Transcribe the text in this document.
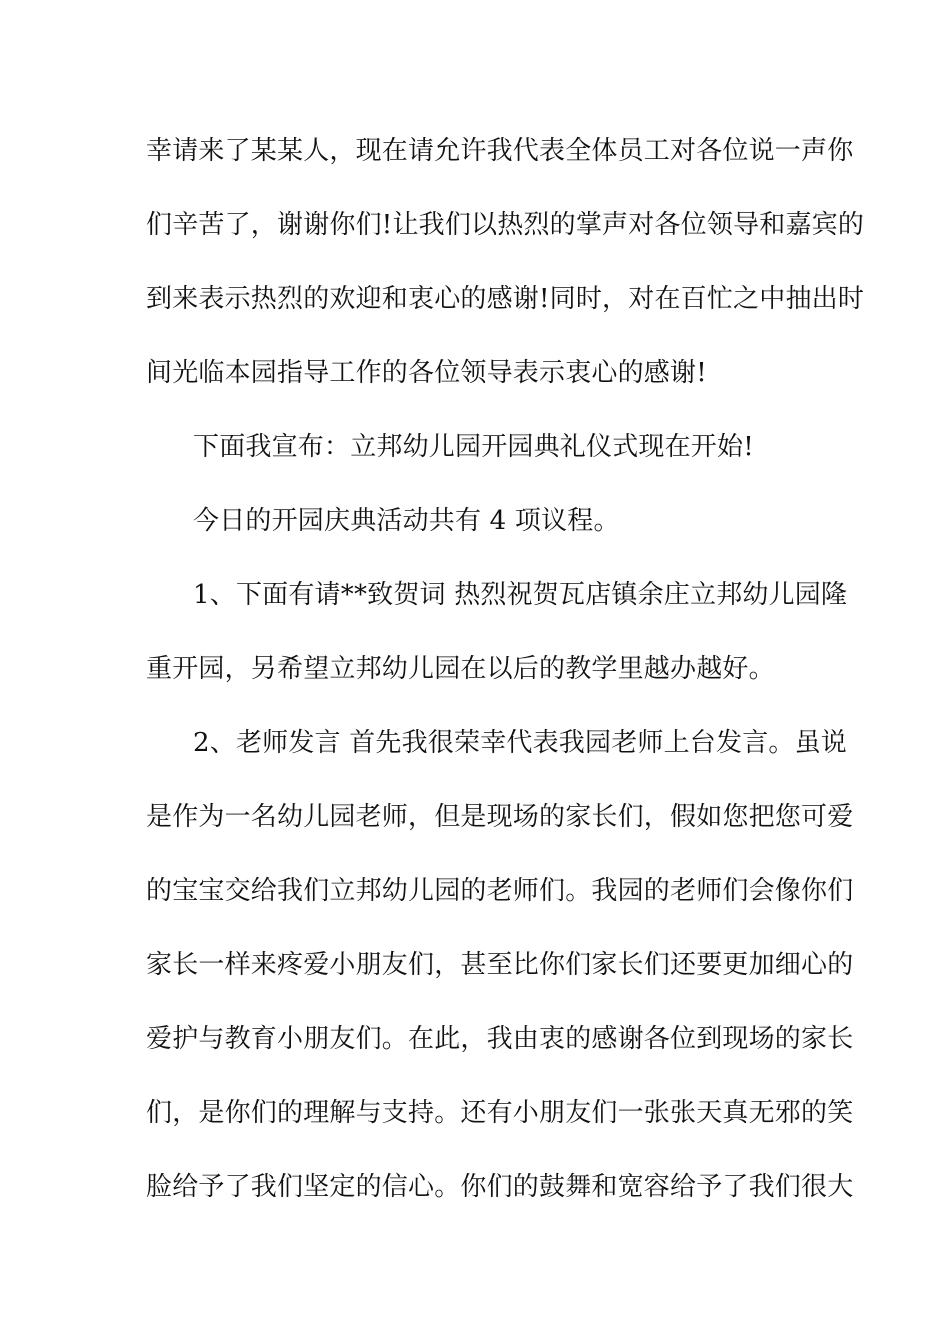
幸请来了某某人，现在请允许我代表全体员工对各位说一声你
们辛苦了，谢谢你们!让我们以热烈的掌声对各位领导和嘉宾的
到来表示热烈的欢迎和衷心的感谢!同时，对在百忙之中抽出时
间光临本园指导工作的各位领导表示衷心的感谢!
下面我宣布：立邦幼儿园开园典礼仪式现在开始!
今日的开园庆典活动共有 4 项议程。
1、下面有请**致贺词 热烈祝贺瓦店镇余庄立邦幼儿园隆
重开园，另希望立邦幼儿园在以后的教学里越办越好。
2、老师发言 首先我很荣幸代表我园老师上台发言。虽说
是作为一名幼儿园老师，但是现场的家长们，假如您把您可爱
的宝宝交给我们立邦幼儿园的老师们。我园的老师们会像你们
家长一样来疼爱小朋友们，甚至比你们家长们还要更加细心的
爱护与教育小朋友们。在此，我由衷的感谢各位到现场的家长
们，是你们的理解与支持。还有小朋友们一张张天真无邪的笑
脸给予了我们坚定的信心。你们的鼓舞和宽容给予了我们很大
